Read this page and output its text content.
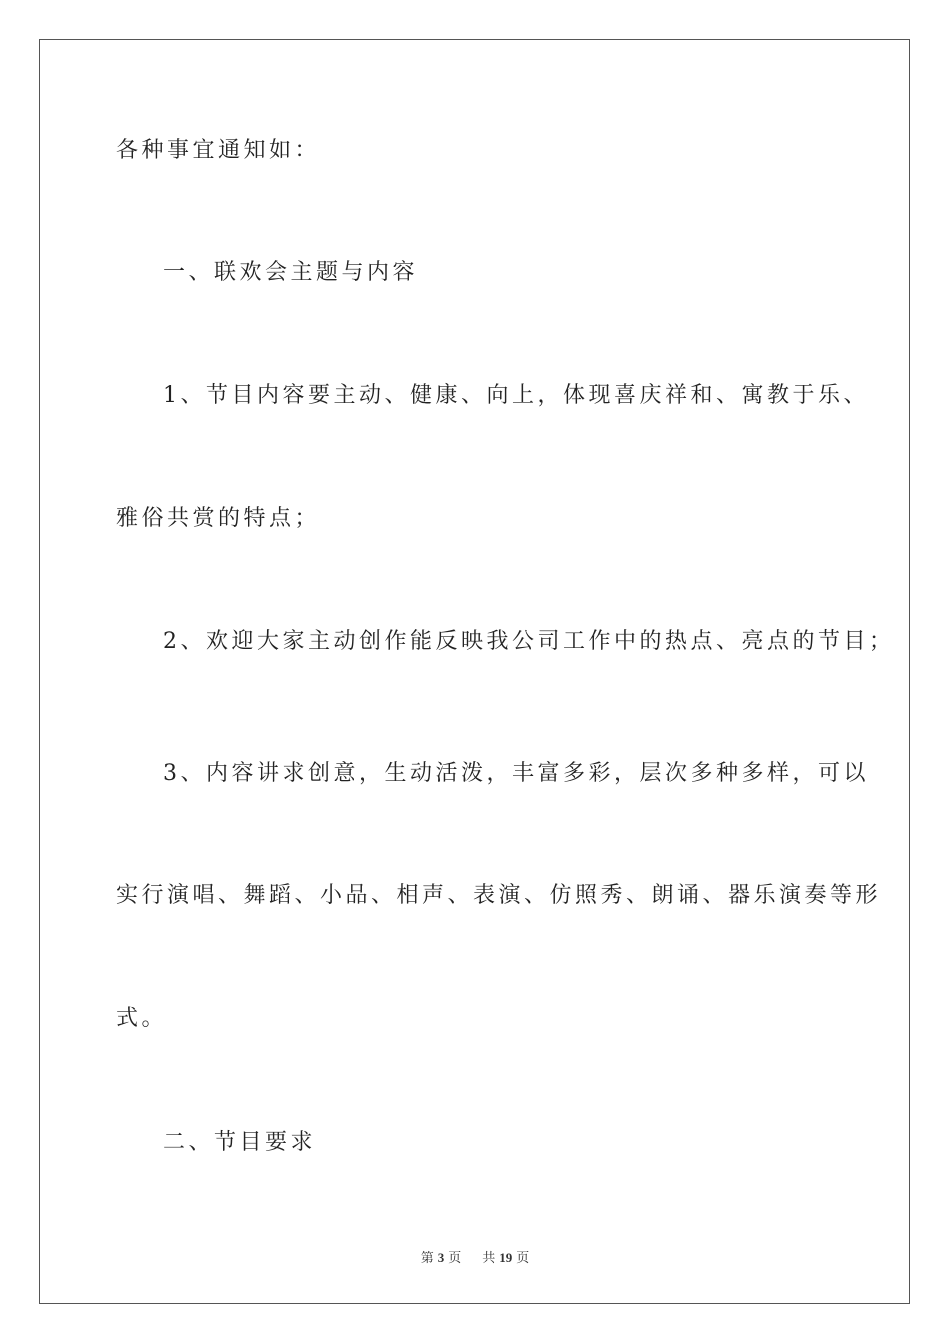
各种事宜通知如：
一、联欢会主题与内容
1、节目内容要主动、健康、向上，体现喜庆祥和、寓教于乐、
雅俗共赏的特点；
2、欢迎大家主动创作能反映我公司工作中的热点、亮点的节目；
3、内容讲求创意，生动活泼，丰富多彩，层次多种多样，可以
实行演唱、舞蹈、小品、相声、表演、仿照秀、朗诵、器乐演奏等形
式。
二、节目要求
第 3 页 共 19 页
